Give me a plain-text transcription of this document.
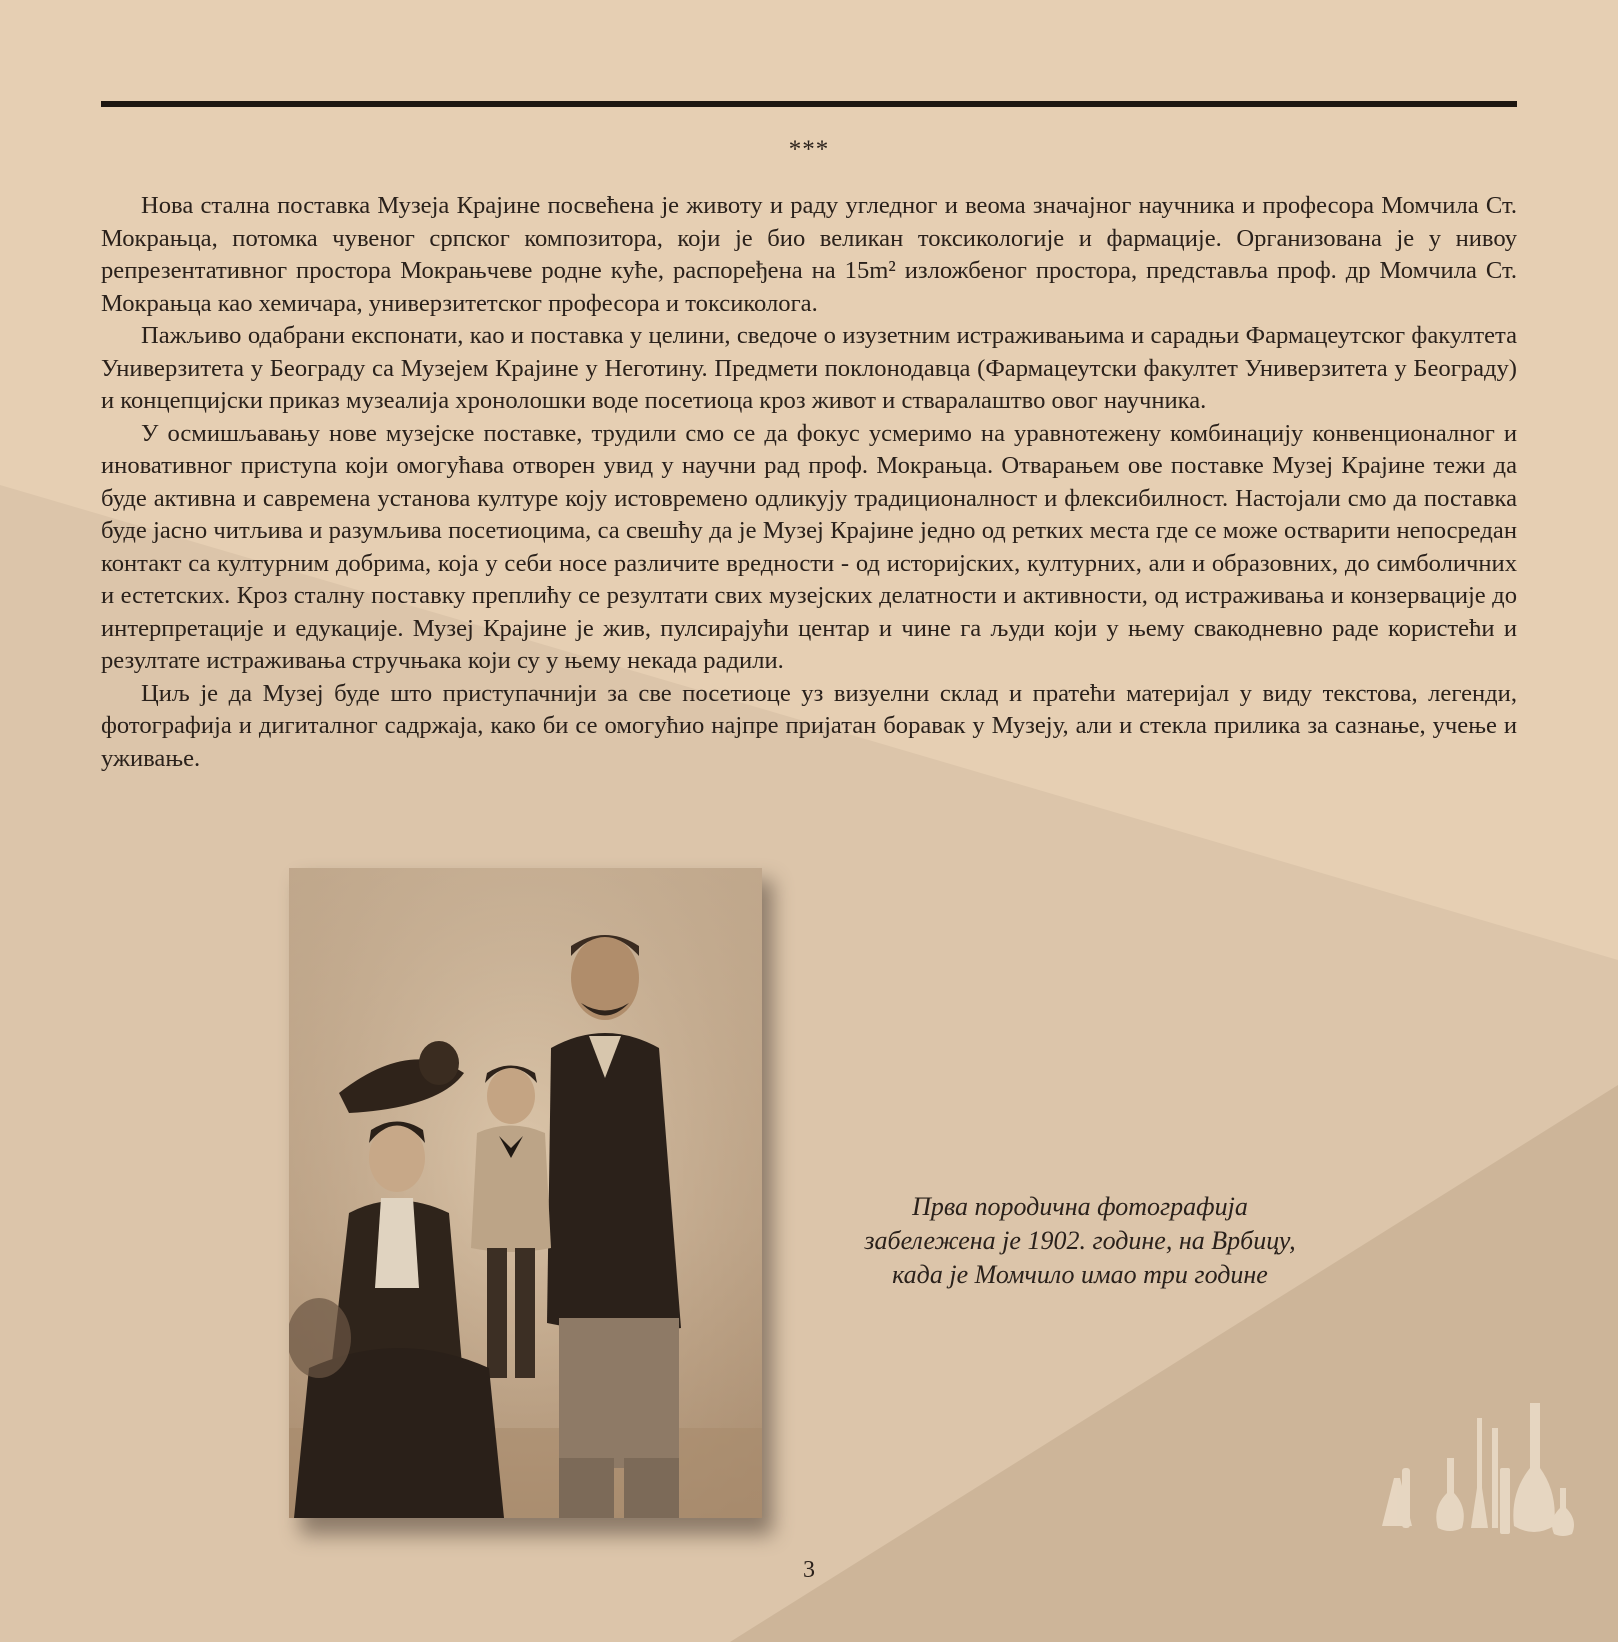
***

Нова стална поставка Музеја Крајине посвећена је животу и раду угледног и веома значајног научника и професора Момчила Ст. Мокрањца, потомка чувеног српског композитора, који је био великан токсикологије и фармације. Организована је у нивоу репрезентативног простора Мокрањчеве родне куће, распоређена на 15m² изложбеног простора, представља проф. др Момчила Ст. Мокрањца као хемичара, универзитетског професора и токсиколога.

Пажљиво одабрани експонати, као и поставка у целини, сведоче о изузетним истраживањима и сарадњи Фармацеутског факултета Универзитета у Београду са Музејем Крајине у Неготину. Предмети поклонодавца (Фармацеутски факултет Универзитета у Београду) и концепцијски приказ музеалија хронолошки воде посетиоца кроз живот и стваралаштво овог научника.

У осмишљавању нове музејске поставке, трудили смо се да фокус усмеримо на уравнотежену комбинацију конвенционалног и иновативног приступа који омогућава отворен увид у научни рад проф. Мокрањца. Отварањем ове поставке Музеј Крајине тежи да буде активна и савремена установа културе коју истовремено одликују традиционалност и флексибилност. Настојали смо да поставка буде јасно читљива и разумљива посетиоцима, са свешћу да је Музеј Крајине једно од ретких места где се може остварити непосредан контакт са културним добрима, која у себи носе различите вредности - од историјских, културних, али и образовних, до симболичних и естетских. Кроз сталну поставку преплићу се резултати свих музејских делатности и активности, од истраживања и конзервације до интерпретације и едукације. Музеј Крајине је жив, пулсирајући центар и чине га људи који у њему свакодневно раде користећи и резултате истраживања стручњака који су у њему некада радили.

Циљ је да Музеј буде што приступачнији за све посетиоце уз визуелни склад и пратећи материјал у виду текстова, легенди, фотографија и дигиталног садржаја, како би се омогућио најпре пријатан боравак у Музеју, али и стекла прилика за сазнање, учење и уживање.

Прва породична фотографија
забележена је 1902. године, на Врбицу,
када је Момчило имао три године
3
